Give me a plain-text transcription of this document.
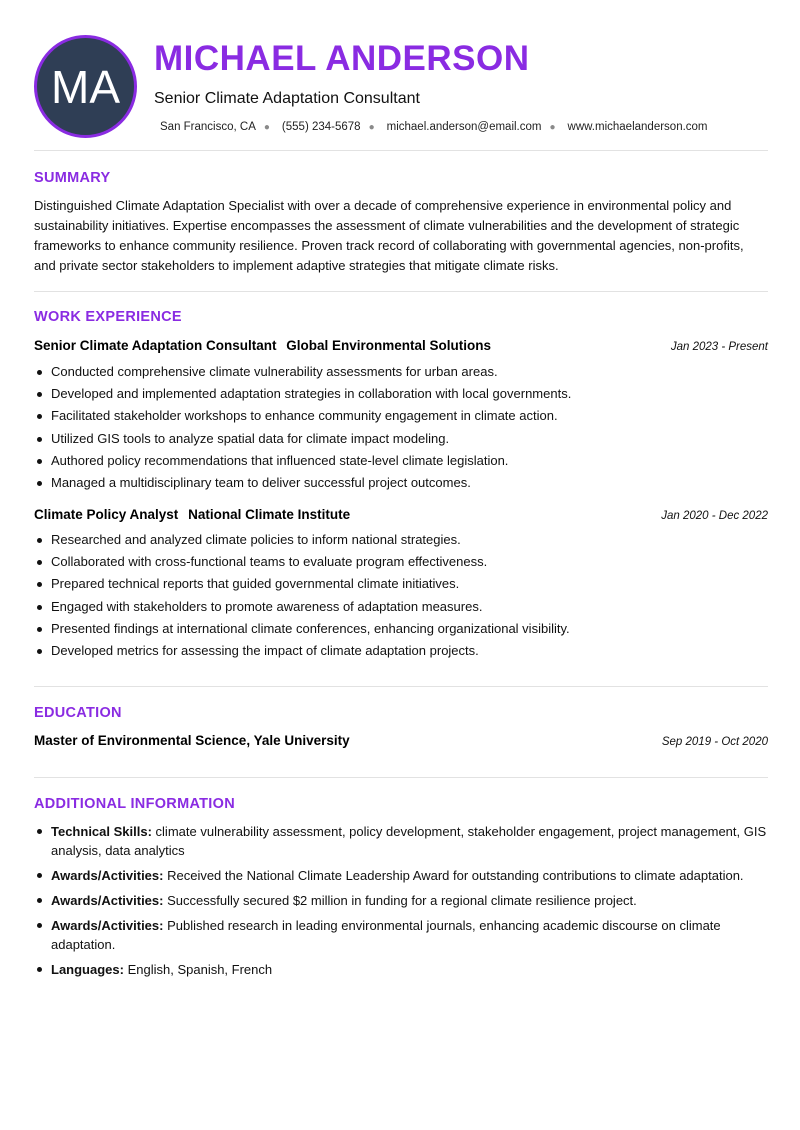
MA
MICHAEL ANDERSON
Senior Climate Adaptation Consultant
San Francisco, CA ● (555) 234-5678 ● michael.anderson@email.com ● www.michaelanderson.com
SUMMARY
Distinguished Climate Adaptation Specialist with over a decade of comprehensive experience in environmental policy and sustainability initiatives. Expertise encompasses the assessment of climate vulnerabilities and the development of strategic frameworks to enhance community resilience. Proven track record of collaborating with governmental agencies, non-profits, and private sector stakeholders to implement adaptive strategies that mitigate climate risks.
WORK EXPERIENCE
Senior Climate Adaptation Consultant Global Environmental Solutions	Jan 2023 - Present
Conducted comprehensive climate vulnerability assessments for urban areas.
Developed and implemented adaptation strategies in collaboration with local governments.
Facilitated stakeholder workshops to enhance community engagement in climate action.
Utilized GIS tools to analyze spatial data for climate impact modeling.
Authored policy recommendations that influenced state-level climate legislation.
Managed a multidisciplinary team to deliver successful project outcomes.
Climate Policy Analyst National Climate Institute	Jan 2020 - Dec 2022
Researched and analyzed climate policies to inform national strategies.
Collaborated with cross-functional teams to evaluate program effectiveness.
Prepared technical reports that guided governmental climate initiatives.
Engaged with stakeholders to promote awareness of adaptation measures.
Presented findings at international climate conferences, enhancing organizational visibility.
Developed metrics for assessing the impact of climate adaptation projects.
EDUCATION
Master of Environmental Science, Yale University	Sep 2019 - Oct 2020
ADDITIONAL INFORMATION
Technical Skills: climate vulnerability assessment, policy development, stakeholder engagement, project management, GIS analysis, data analytics
Awards/Activities: Received the National Climate Leadership Award for outstanding contributions to climate adaptation.
Awards/Activities: Successfully secured $2 million in funding for a regional climate resilience project.
Awards/Activities: Published research in leading environmental journals, enhancing academic discourse on climate adaptation.
Languages: English, Spanish, French
